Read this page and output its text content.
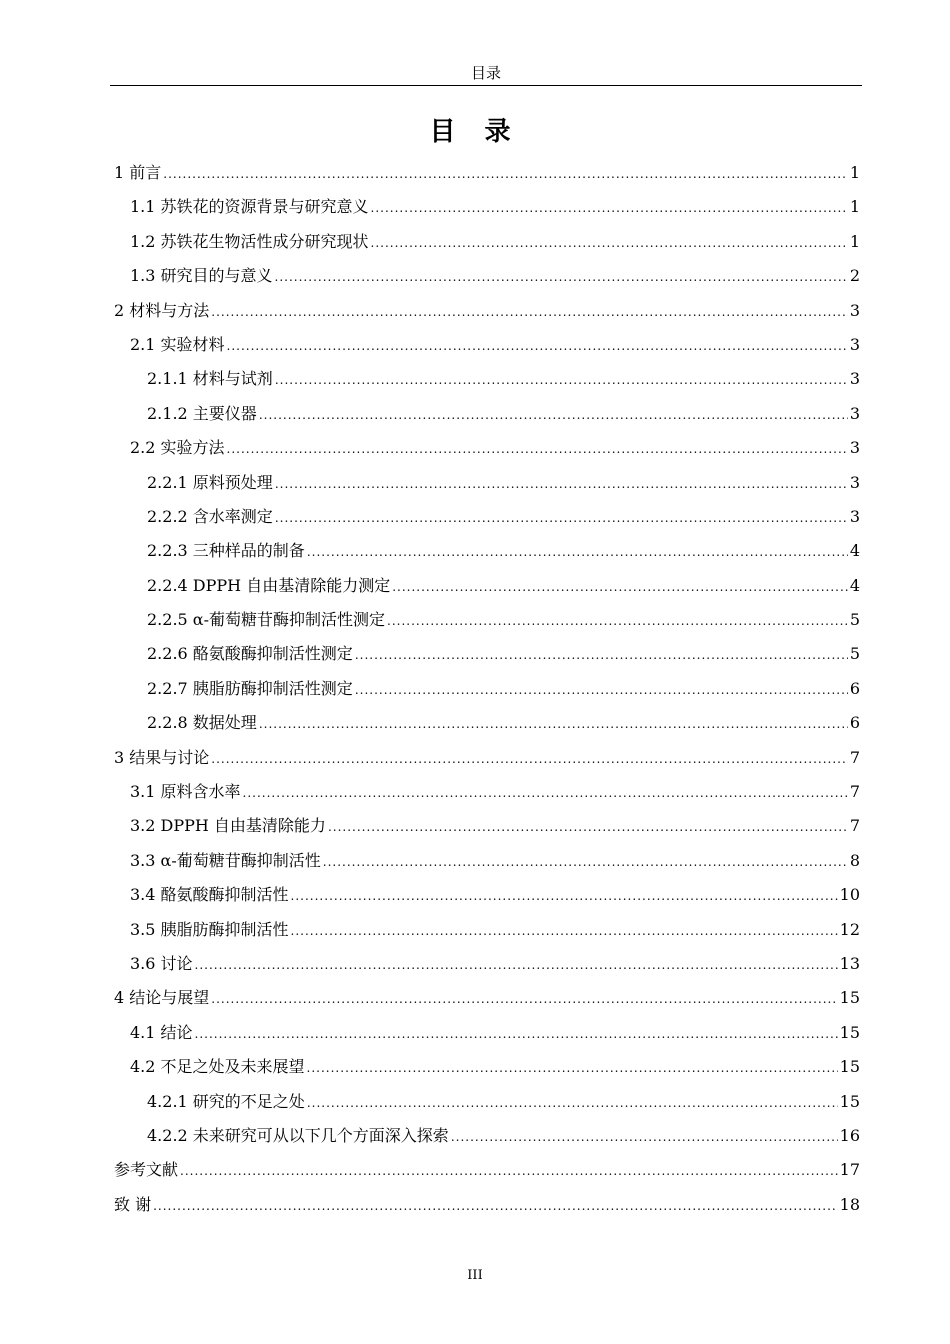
目录
目 录
1 前言 .....	1
1.1 苏铁花的资源背景与研究意义 .....	1
1.2 苏铁花生物活性成分研究现状 .....	1
1.3 研究目的与意义 .....	2
2 材料与方法 .....	3
2.1 实验材料 .....	3
2.1.1 材料与试剂 .....	3
2.1.2 主要仪器 .....	3
2.2 实验方法 .....	3
2.2.1 原料预处理 .....	3
2.2.2 含水率测定 .....	3
2.2.3 三种样品的制备 .....	4
2.2.4 DPPH 自由基清除能力测定 .....	4
2.2.5 α-葡萄糖苷酶抑制活性测定 .....	5
2.2.6 酪氨酸酶抑制活性测定 .....	5
2.2.7 胰脂肪酶抑制活性测定 .....	6
2.2.8 数据处理 .....	6
3 结果与讨论 .....	7
3.1 原料含水率 .....	7
3.2 DPPH 自由基清除能力 .....	7
3.3 α-葡萄糖苷酶抑制活性 .....	8
3.4 酪氨酸酶抑制活性 .....	10
3.5 胰脂肪酶抑制活性 .....	12
3.6 讨论 .....	13
4 结论与展望 .....	15
4.1 结论 .....	15
4.2 不足之处及未来展望 .....	15
4.2.1 研究的不足之处 .....	15
4.2.2 未来研究可从以下几个方面深入探索 .....	16
参考文献 .....	17
致 谢 .....	18
III
